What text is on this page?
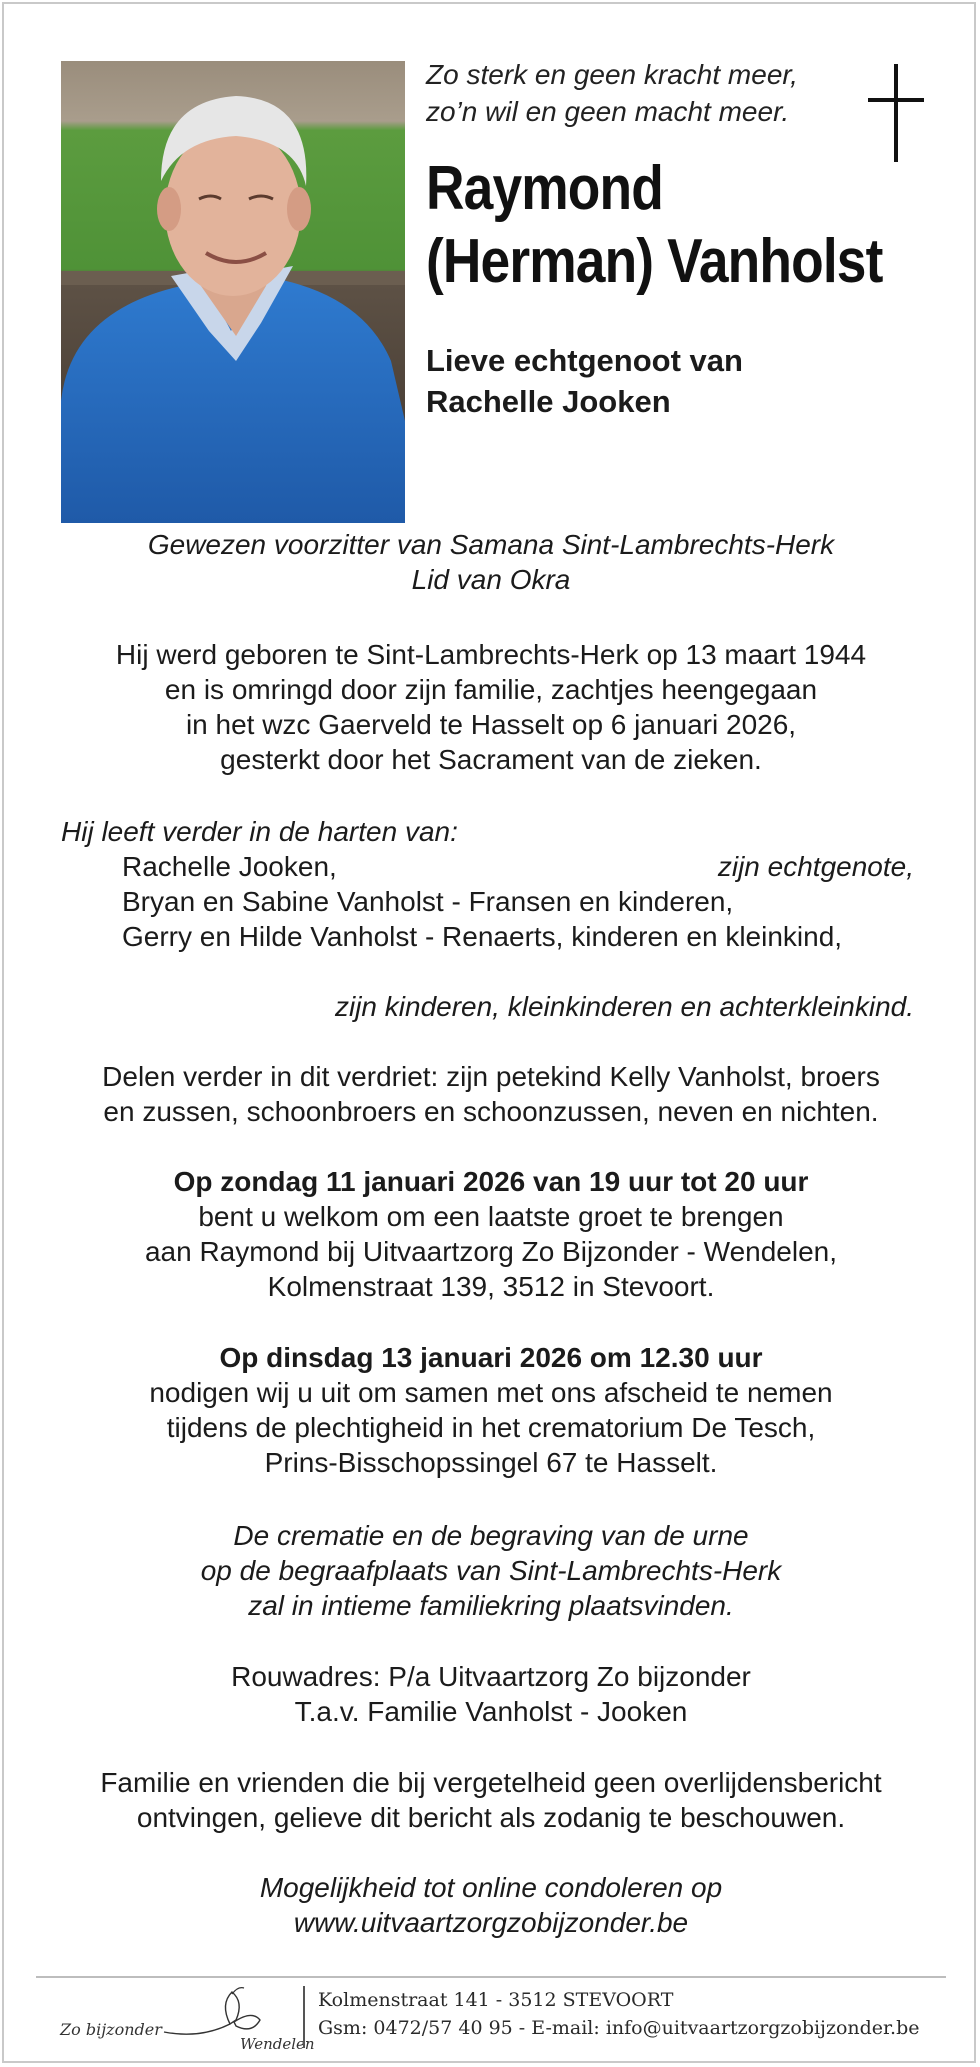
Zo sterk en geen kracht meer,
zo’n wil en geen macht meer.
Raymond
(Herman) Vanholst
Lieve echtgenoot van
Rachelle Jooken
Gewezen voorzitter van Samana Sint-Lambrechts-Herk
Lid van Okra
Hij werd geboren te Sint-Lambrechts-Herk op 13 maart 1944
en is omringd door zijn familie, zachtjes heengegaan
in het wzc Gaerveld te Hasselt op 6 januari 2026,
gesterkt door het Sacrament van de zieken.
Hij leeft verder in de harten van:
Rachelle Jooken,	zijn echtgenote,
Bryan en Sabine Vanholst - Fransen en kinderen,
Gerry en Hilde Vanholst - Renaerts, kinderen en kleinkind,
zijn kinderen, kleinkinderen en achterkleinkind.
Delen verder in dit verdriet: zijn petekind Kelly Vanholst, broers
en zussen, schoonbroers en schoonzussen, neven en nichten.
Op zondag 11 januari 2026 van 19 uur tot 20 uur
bent u welkom om een laatste groet te brengen
aan Raymond bij Uitvaartzorg Zo Bijzonder - Wendelen,
Kolmenstraat 139, 3512 in Stevoort.
Op dinsdag 13 januari 2026 om 12.30 uur
nodigen wij u uit om samen met ons afscheid te nemen
tijdens de plechtigheid in het crematorium De Tesch,
Prins-Bisschopssingel 67 te Hasselt.
De crematie en de begraving van de urne
op de begraafplaats van Sint-Lambrechts-Herk
zal in intieme familiekring plaatsvinden.
Rouwadres: P/a Uitvaartzorg Zo bijzonder
T.a.v. Familie Vanholst - Jooken
Familie en vrienden die bij vergetelheid geen overlijdensbericht
ontvingen, gelieve dit bericht als zodanig te beschouwen.
Mogelijkheid tot online condoleren op
www.uitvaartzorgzobijzonder.be
Zo bijzonder
Wendelen
Kolmenstraat 141 - 3512 STEVOORT
Gsm: 0472/57 40 95 - E-mail: info@uitvaartzorgzobijzonder.be
